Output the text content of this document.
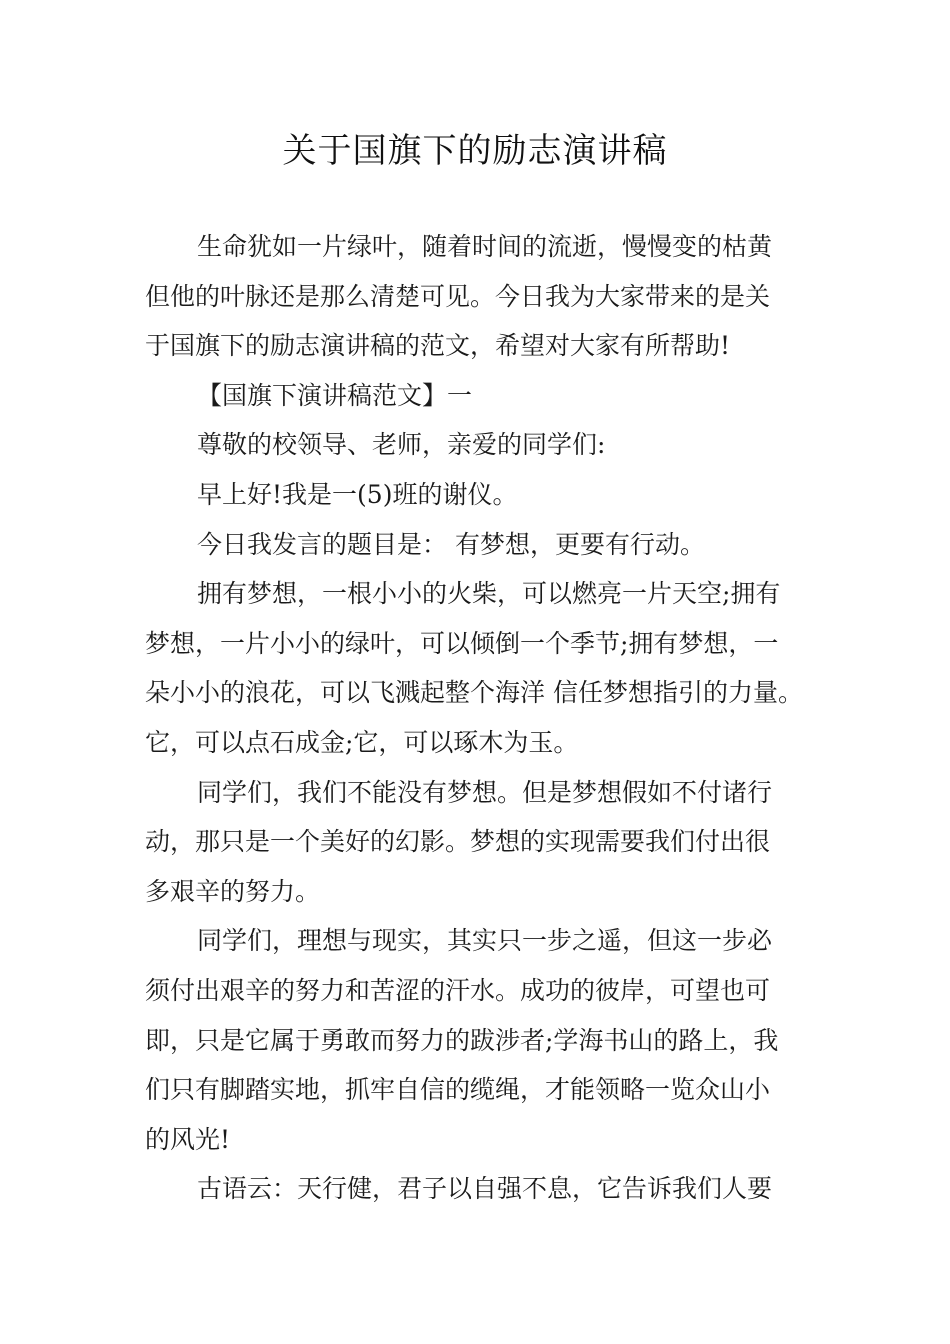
关于国旗下的励志演讲稿
生命犹如一片绿叶，随着时间的流逝，慢慢变的枯黄
但他的叶脉还是那么清楚可见。今日我为大家带来的是关
于国旗下的励志演讲稿的范文，希望对大家有所帮助!
【国旗下演讲稿范文】一
尊敬的校领导、老师，亲爱的同学们:
早上好!我是一(5)班的谢仪。
今日我发言的题目是： 有梦想，更要有行动。
拥有梦想，一根小小的火柴，可以燃亮一片天空;拥有
梦想，一片小小的绿叶，可以倾倒一个季节;拥有梦想，一
朵小小的浪花，可以飞溅起整个海洋 信任梦想指引的力量。
它，可以点石成金;它，可以琢木为玉。
同学们，我们不能没有梦想。但是梦想假如不付诸行
动，那只是一个美好的幻影。梦想的实现需要我们付出很
多艰辛的努力。
同学们，理想与现实，其实只一步之遥，但这一步必
须付出艰辛的努力和苦涩的汗水。成功的彼岸，可望也可
即，只是它属于勇敢而努力的跋涉者;学海书山的路上，我
们只有脚踏实地，抓牢自信的缆绳，才能领略一览众山小
的风光!
古语云：天行健，君子以自强不息，它告诉我们人要
